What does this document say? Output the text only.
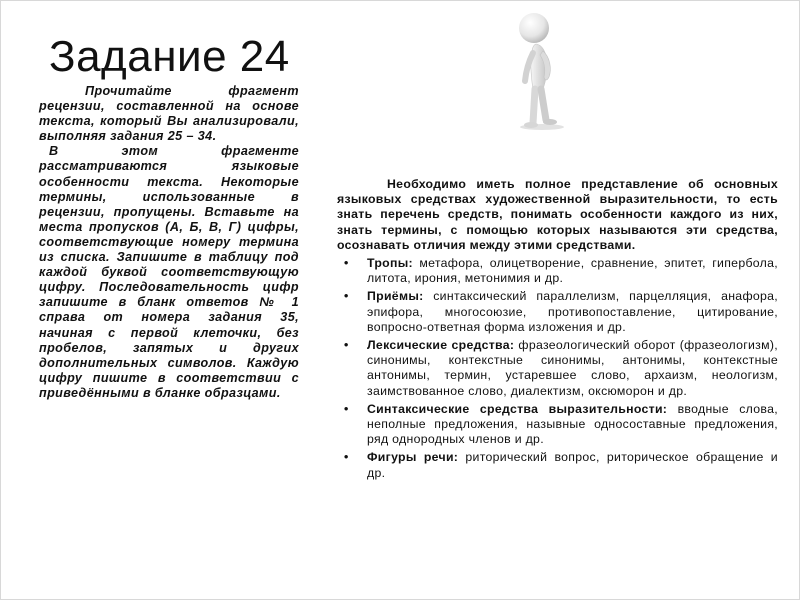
Задание 24

Прочитайте фрагмент рецензии, составленной на основе текста, который Вы анализировали, выполняя задания 25 – 34.

В этом фрагменте рассматриваются языковые особенности текста. Некоторые термины, использованные в рецензии, пропущены. Вставьте на места пропусков (А, Б, В, Г) цифры, соответствующие номеру термина из списка. Запишите в таблицу под каждой буквой соответствующую цифру. Последовательность цифр запишите в бланк ответов № 1 справа от номера задания 35, начиная с первой клеточки, без пробелов, запятых и других дополнительных символов. Каждую цифру пишите в соответствии с приведёнными в бланке образцами.

Необходимо иметь полное представление об основных языковых средствах художественной выразительности, то есть знать перечень средств, понимать особенности каждого из них, знать термины, с помощью которых называются эти средства, осознавать отличия между этими средствами.

• Тропы: метафора, олицетворение, сравнение, эпитет, гипербола, литота, ирония, метонимия и др.
• Приёмы: синтаксический параллелизм, парцелляция, анафора, эпифора, многосоюзие, противопоставление, цитирование, вопросно-ответная форма изложения и др.
• Лексические средства: фразеологический оборот (фразеологизм), синонимы, контекстные синонимы, антонимы, контекстные антонимы, термин, устаревшее слово, архаизм, неологизм, заимствованное слово, диалектизм, оксюморон и др.
• Синтаксические средства выразительности: вводные слова, неполные предложения, назывные односоставные предложения, ряд однородных членов и др.
• Фигуры речи: риторический вопрос, риторическое обращение и др.
